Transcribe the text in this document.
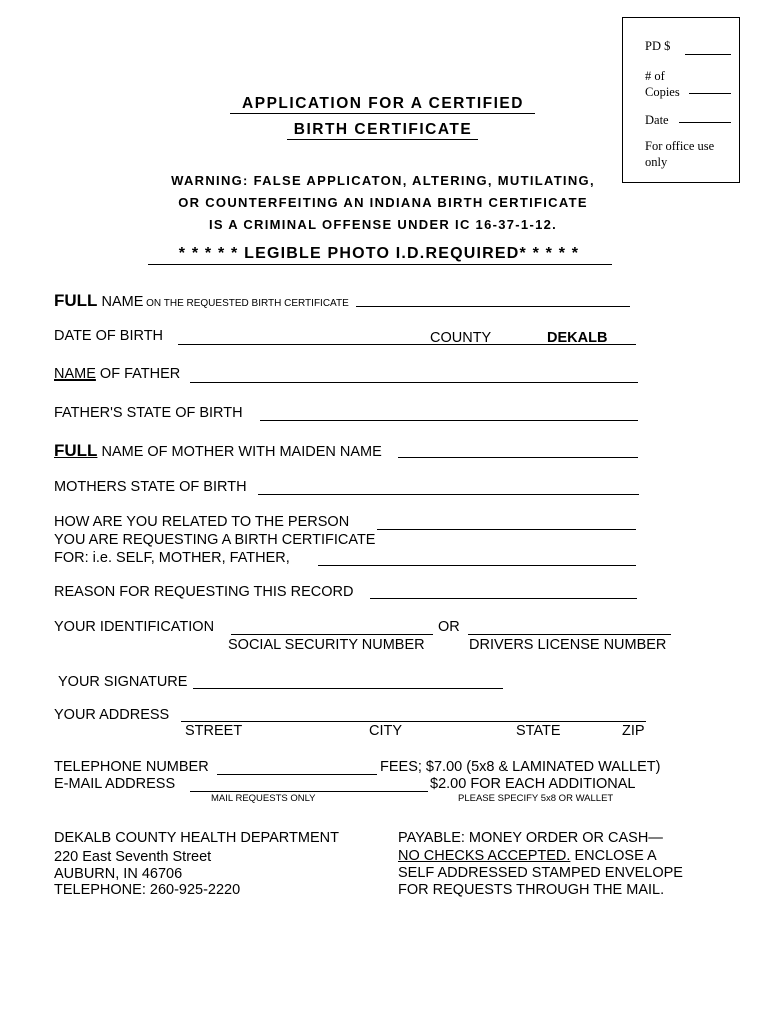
PD $
# of
Copies
Date
For office use
only
APPLICATION FOR A CERTIFIED
BIRTH CERTIFICATE
WARNING: FALSE APPLICATON, ALTERING, MUTILATING,
OR COUNTERFEITING AN INDIANA BIRTH CERTIFICATE
IS A CRIMINAL OFFENSE UNDER IC 16-37-1-12.
* * * * * LEGIBLE PHOTO I.D.REQUIRED* * * * *
FULL NAME ON THE REQUESTED BIRTH CERTIFICATE
DATE OF BIRTH	COUNTY	DEKALB
NAME OF FATHER
FATHER'S STATE OF BIRTH
FULL NAME OF MOTHER WITH MAIDEN NAME
MOTHERS STATE OF BIRTH
HOW ARE YOU RELATED TO THE PERSON
YOU ARE REQUESTING A BIRTH CERTIFICATE
FOR: i.e. SELF, MOTHER, FATHER,
REASON FOR REQUESTING THIS RECORD
YOUR IDENTIFICATION	OR
SOCIAL SECURITY NUMBER	DRIVERS LICENSE NUMBER
YOUR SIGNATURE
YOUR ADDRESS
STREET	CITY	STATE	ZIP
TELEPHONE NUMBER	FEES; $7.00 (5x8 & LAMINATED WALLET)
E-MAIL ADDRESS	$2.00 FOR EACH ADDITIONAL
MAIL REQUESTS ONLY	PLEASE SPECIFY 5x8 OR WALLET
DEKALB COUNTY HEALTH DEPARTMENT
220 East Seventh Street
AUBURN, IN 46706
TELEPHONE: 260-925-2220
PAYABLE: MONEY ORDER OR CASH—
NO CHECKS ACCEPTED. ENCLOSE A
SELF ADDRESSED STAMPED ENVELOPE
FOR REQUESTS THROUGH THE MAIL.
